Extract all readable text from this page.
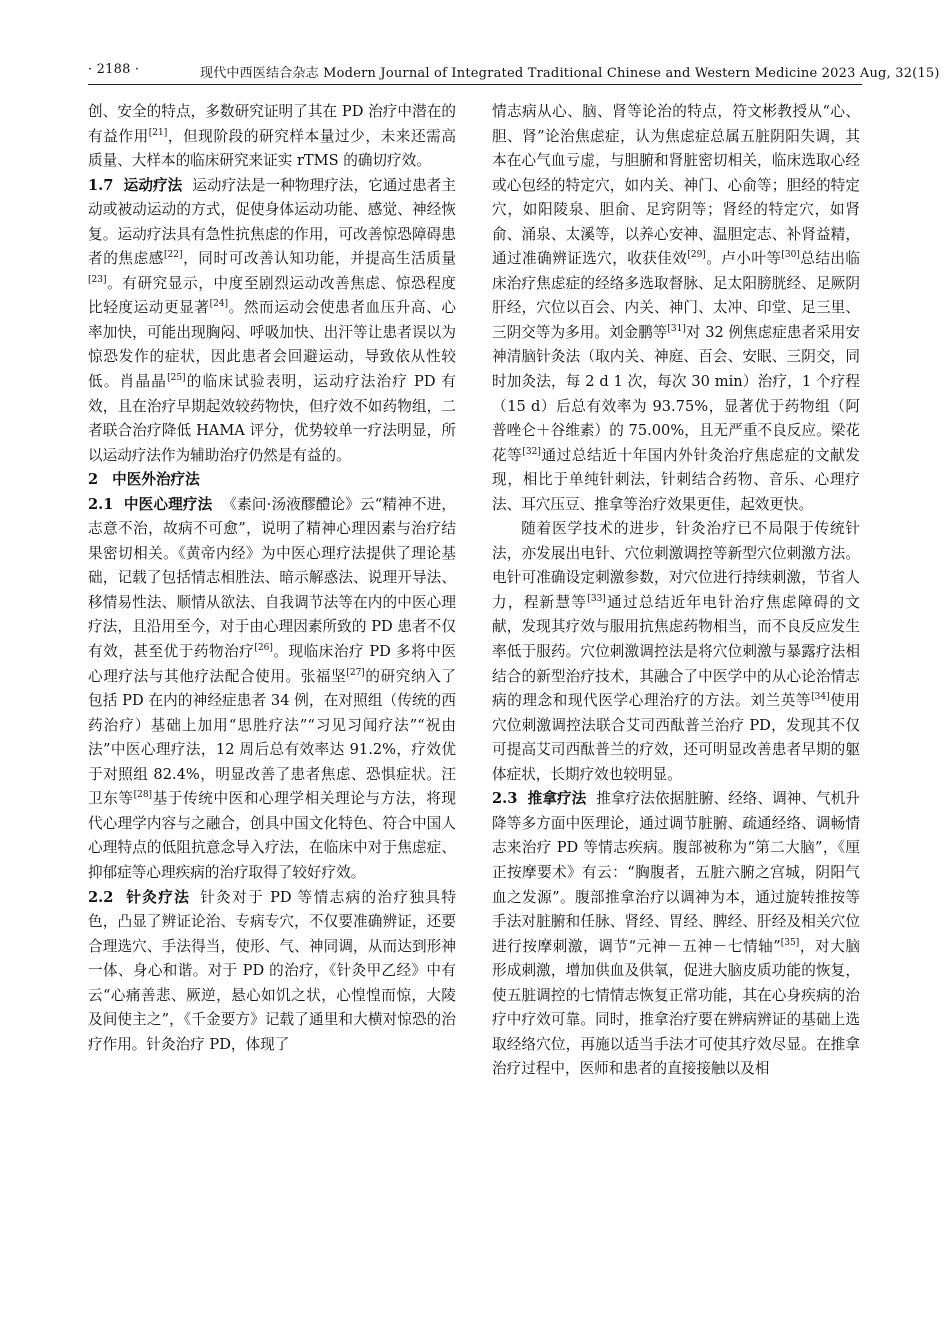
· 2188 ·	现代中西医结合杂志 Modern Journal of Integrated Traditional Chinese and Western Medicine 2023 Aug, 32(15)

创、安全的特点，多数研究证明了其在 PD 治疗中潜在的有益作用[21]，但现阶段的研究样本量过少，未来还需高质量、大样本的临床研究来证实 rTMS 的确切疗效。

1.7 运动疗法 运动疗法是一种物理疗法，它通过患者主动或被动运动的方式，促使身体运动功能、感觉、神经恢复。运动疗法具有急性抗焦虑的作用，可改善惊恐障碍患者的焦虑感[22]，同时可改善认知功能，并提高生活质量[23]。有研究显示，中度至剧烈运动改善焦虑、惊恐程度比轻度运动更显著[24]。然而运动会使患者血压升高、心率加快，可能出现胸闷、呼吸加快、出汗等让患者误以为惊恐发作的症状，因此患者会回避运动，导致依从性较低。肖晶晶[25]的临床试验表明，运动疗法治疗 PD 有效，且在治疗早期起效较药物快，但疗效不如药物组，二者联合治疗降低 HAMA 评分，优势较单一疗法明显，所以运动疗法作为辅助治疗仍然是有益的。

2 中医外治疗法

2.1 中医心理疗法 《素问·汤液醪醴论》云“精神不进，志意不治，故病不可愈”，说明了精神心理因素与治疗结果密切相关。《黄帝内经》为中医心理疗法提供了理论基础，记载了包括情志相胜法、暗示解惑法、说理开导法、移情易性法、顺情从欲法、自我调节法等在内的中医心理疗法，且沿用至今，对于由心理因素所致的 PD 患者不仅有效，甚至优于药物治疗[26]。现临床治疗 PD 多将中医心理疗法与其他疗法配合使用。张福坚[27]的研究纳入了包括 PD 在内的神经症患者 34 例，在对照组（传统的西药治疗）基础上加用“思胜疗法”“习见习闻疗法”“祝由法”中医心理疗法，12 周后总有效率达 91.2%，疗效优于对照组 82.4%，明显改善了患者焦虑、恐惧症状。汪卫东等[28]基于传统中医和心理学相关理论与方法，将现代心理学内容与之融合，创具中国文化特色、符合中国人心理特点的低阻抗意念导入疗法，在临床中对于焦虑症、抑郁症等心理疾病的治疗取得了较好疗效。

2.2 针灸疗法 针灸对于 PD 等情志病的治疗独具特色，凸显了辨证论治、专病专穴，不仅要准确辨证，还要合理选穴、手法得当，使形、气、神同调，从而达到形神一体、身心和谐。对于 PD 的治疗，《针灸甲乙经》中有云“心痛善悲、厥逆，悬心如饥之状，心惶惶而惊，大陵及间使主之”，《千金要方》记载了通里和大横对惊恐的治疗作用。针灸治疗 PD，体现了

情志病从心、脑、肾等论治的特点，符文彬教授从“心、胆、肾”论治焦虑症，认为焦虑症总属五脏阴阳失调，其本在心气血亏虚，与胆腑和肾脏密切相关，临床选取心经或心包经的特定穴，如内关、神门、心俞等；胆经的特定穴，如阳陵泉、胆俞、足窍阴等；肾经的特定穴，如肾俞、涌泉、太溪等，以养心安神、温胆定志、补肾益精，通过准确辨证选穴，收获佳效[29]。卢小叶等[30]总结出临床治疗焦虑症的经络多选取督脉、足太阳膀胱经、足厥阴肝经，穴位以百会、内关、神门、太冲、印堂、足三里、三阴交等为多用。刘金鹏等[31]对 32 例焦虑症患者采用安神清脑针灸法（取内关、神庭、百会、安眠、三阴交，同时加灸法，每 2 d 1 次，每次 30 min）治疗，1 个疗程（15 d）后总有效率为 93.75%，显著优于药物组（阿普唑仑＋谷维素）的 75.00%，且无严重不良反应。梁花花等[32]通过总结近十年国内外针灸治疗焦虑症的文献发现，相比于单纯针刺法，针刺结合药物、音乐、心理疗法、耳穴压豆、推拿等治疗效果更佳，起效更快。

随着医学技术的进步，针灸治疗已不局限于传统针法，亦发展出电针、穴位刺激调控等新型穴位刺激方法。电针可准确设定刺激参数，对穴位进行持续刺激，节省人力，程新慧等[33]通过总结近年电针治疗焦虑障碍的文献，发现其疗效与服用抗焦虑药物相当，而不良反应发生率低于服药。穴位刺激调控法是将穴位刺激与暴露疗法相结合的新型治疗技术，其融合了中医学中的从心论治情志病的理念和现代医学心理治疗的方法。刘兰英等[34]使用穴位刺激调控法联合艾司西酞普兰治疗 PD，发现其不仅可提高艾司西酞普兰的疗效，还可明显改善患者早期的躯体症状，长期疗效也较明显。

2.3 推拿疗法 推拿疗法依据脏腑、经络、调神、气机升降等多方面中医理论，通过调节脏腑、疏通经络、调畅情志来治疗 PD 等情志疾病。腹部被称为“第二大脑”，《厘正按摩要术》有云：“胸腹者，五脏六腑之宫城，阴阳气血之发源”。腹部推拿治疗以调神为本，通过旋转推按等手法对脏腑和任脉、肾经、胃经、脾经、肝经及相关穴位进行按摩刺激，调节“元神－五神－七情轴”[35]，对大脑形成刺激，增加供血及供氧，促进大脑皮质功能的恢复，使五脏调控的七情情志恢复正常功能，其在心身疾病的治疗中疗效可靠。同时，推拿治疗要在辨病辨证的基础上选取经络穴位，再施以适当手法才可使其疗效尽显。在推拿治疗过程中，医师和患者的直接接触以及相
